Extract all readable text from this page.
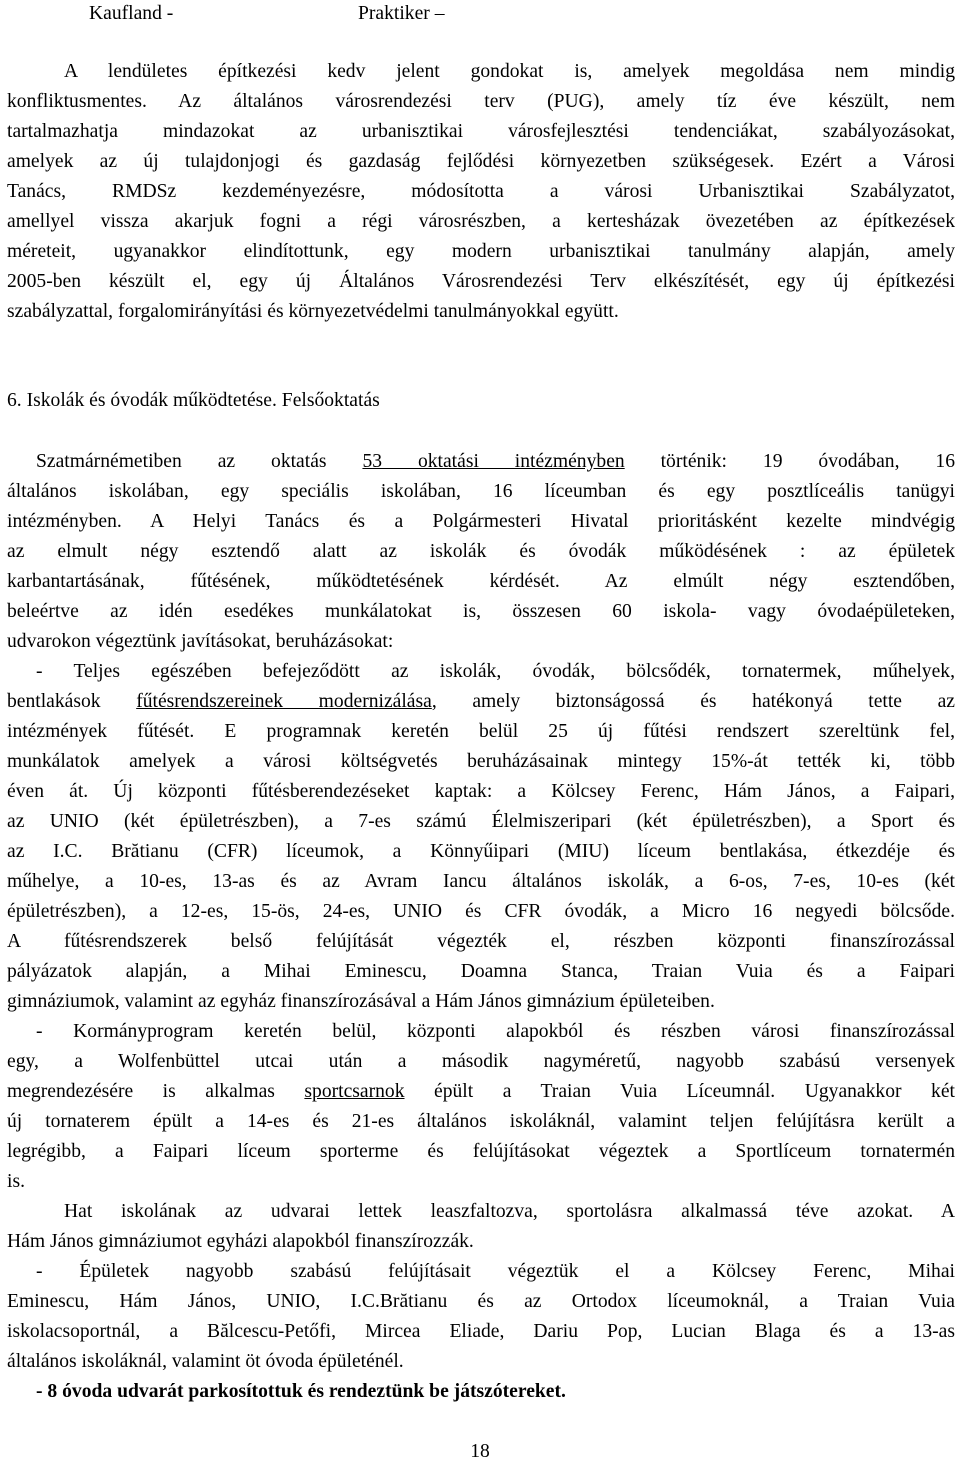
Kaufland -	Praktiker –
A lendületes építkezési kedv jelent gondokat is, amelyek megoldása nem mindig
konfliktusmentes. Az általános városrendezési terv (PUG), amely tíz éve készült, nem
tartalmazhatja mindazokat az urbanisztikai városfejlesztési tendenciákat, szabályozásokat,
amelyek az új tulajdonjogi és gazdaság fejlődési környezetben szükségesek. Ezért a Városi
Tanács, RMDSz kezdeményezésre, módosította a városi Urbanisztikai Szabályzatot,
amellyel vissza akarjuk fogni a régi városrészben, a kertesházak övezetében az építkezések
méreteit, ugyanakkor elindítottunk, egy modern urbanisztikai tanulmány alapján, amely
2005-ben készült el, egy új Általános Városrendezési Terv elkészítését, egy új építkezési
szabályzattal, forgalomirányítási és környezetvédelmi tanulmányokkal együtt.
6. Iskolák és óvodák működtetése. Felsőoktatás
Szatmárnémetiben az oktatás 53 oktatási intézményben történik: 19 óvodában, 16
általános iskolában, egy speciális iskolában, 16 líceumban és egy posztlíceális tanügyi
intézményben. A Helyi Tanács és a Polgármesteri Hivatal prioritásként kezelte mindvégig
az elmult négy esztendő alatt az iskolák és óvodák működésének : az épületek
karbantartásának, fűtésének, működtetésének kérdését. Az elmúlt négy esztendőben,
beleértve az idén esedékes munkálatokat is, összesen 60 iskola- vagy óvodaépületeken,
udvarokon végeztünk javításokat, beruházásokat:
- Teljes egészében befejeződött az iskolák, óvodák, bölcsődék, tornatermek, műhelyek,
bentlakások fűtésrendszereinek modernizálása, amely biztonságossá és hatékonyá tette az
intézmények fűtését. E programnak keretén belül 25 új fűtési rendszert szereltünk fel,
munkálatok amelyek a városi költségvetés beruházásainak mintegy 15%-át tették ki, több
éven át. Új központi fűtésberendezéseket kaptak: a Kölcsey Ferenc, Hám János, a Faipari,
az UNIO (két épületrészben), a 7-es számú Élelmiszeripari (két épületrészben), a Sport és
az I.C. Brătianu (CFR) líceumok, a Könnyűipari (MIU) líceum bentlakása, étkezdéje és
műhelye, a 10-es, 13-as és az Avram Iancu általános iskolák, a 6-os, 7-es, 10-es (két
épületrészben), a 12-es, 15-ös, 24-es, UNIO és CFR óvodák, a Micro 16 negyedi bölcsőde.
A fűtésrendszerek belső felújítását végezték el, részben központi finanszírozással
pályázatok alapján, a Mihai Eminescu, Doamna Stanca, Traian Vuia és a Faipari
gimnáziumok, valamint az egyház finanszírozásával a Hám János gimnázium épületeiben.
- Kormányprogram keretén belül, központi alapokból és részben városi finanszírozással
egy, a Wolfenbüttel utcai után a második nagyméretű, nagyobb szabású versenyek
megrendezésére is alkalmas sportcsarnok épült a Traian Vuia Líceumnál. Ugyanakkor két
új tornaterem épült a 14-es és 21-es általános iskoláknál, valamint teljen felújításra került a
legrégibb, a Faipari líceum sporterme és felújításokat végeztek a Sportlíceum tornatermén
is.
Hat iskolának az udvarai lettek leaszfaltozva, sportolásra alkalmassá téve azokat. A
Hám János gimnáziumot egyházi alapokból finanszírozzák.
- Épületek nagyobb szabású felújításait végeztük el a Kölcsey Ferenc, Mihai
Eminescu, Hám János, UNIO, I.C.Brătianu és az Ortodox líceumoknál, a Traian Vuia
iskolacsoportnál, a Bălcescu-Petőfi, Mircea Eliade, Dariu Pop, Lucian Blaga és a 13-as
általános iskoláknál, valamint öt óvoda épületénél.
- 8 óvoda udvarát parkosítottuk és rendeztünk be játszótereket.
18
